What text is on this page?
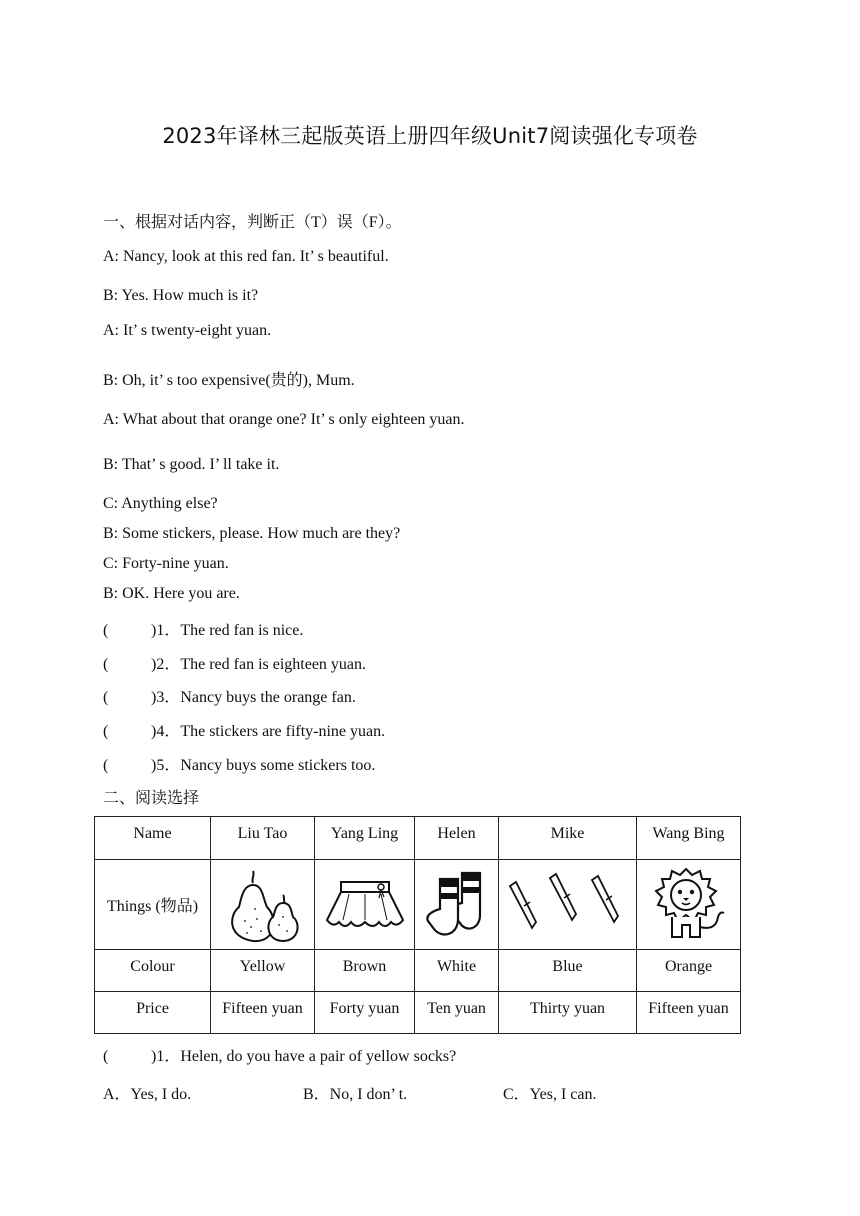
2023年译林三起版英语上册四年级Unit7阅读强化专项卷
一、根据对话内容，判断正（T）误（F）。
A: Nancy, look at this red fan. It’ s beautiful.
B: Yes. How much is it?
A: It’ s twenty-eight yuan.
B: Oh, it’ s too expensive(贵的), Mum.
A: What about that orange one? It’ s only eighteen yuan.
B: That’ s good. I’ ll take it.
C: Anything else?
B: Some stickers, please. How much are they?
C: Forty-nine yuan.
B: OK. Here you are.
(	)1．The red fan is nice.
(	)2．The red fan is eighteen yuan.
(	)3．Nancy buys the orange fan.
(	)4．The stickers are fifty-nine yuan.
(	)5．Nancy buys some stickers too.
二、阅读选择
Name	Liu Tao	Yang Ling	Helen	Mike	Wang Bing
Things (物品)	

Colour	Yellow	Brown	White	Blue	Orange
Price	Fifteen yuan	Forty yuan	Ten yuan	Thirty yuan	Fifteen yuan
(	)1．Helen, do you have a pair of yellow socks?
A．Yes, I do.	B．No, I don’ t.	C．Yes, I can.
